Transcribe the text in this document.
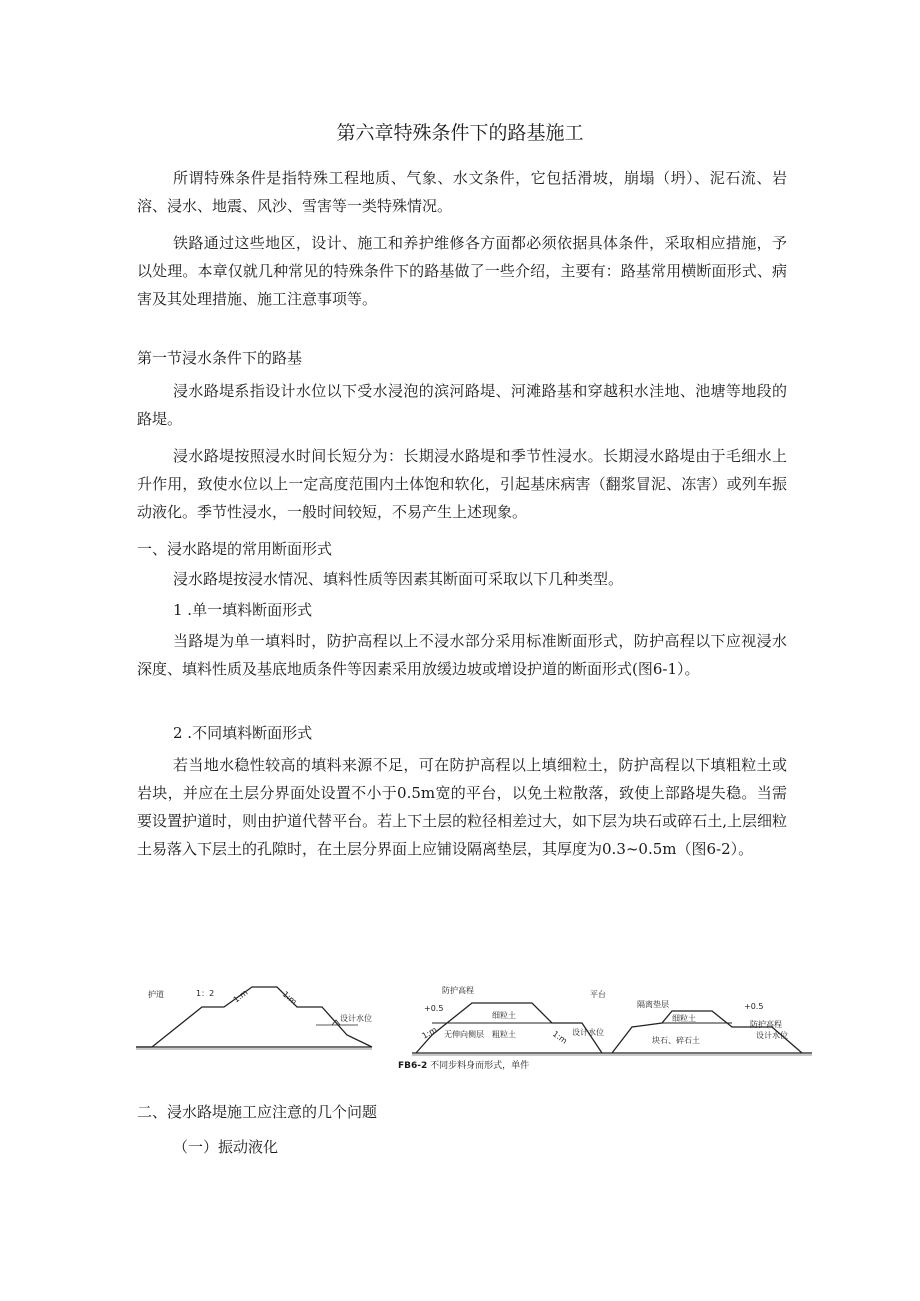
第六章特殊条件下的路基施工

所谓特殊条件是指特殊工程地质、气象、水文条件，它包括滑坡，崩塌（坍）、泥石流、岩溶、浸水、地震、风沙、雪害等一类特殊情况。

铁路通过这些地区，设计、施工和养护维修各方面都必须依据具体条件，采取相应措施，予以处理。本章仅就几种常见的特殊条件下的路基做了一些介绍，主要有：路基常用横断面形式、病害及其处理措施、施工注意事项等。

第一节浸水条件下的路基

浸水路堤系指设计水位以下受水浸泡的滨河路堤、河滩路基和穿越积水洼地、池塘等地段的路堤。

浸水路堤按照浸水时间长短分为：长期浸水路堤和季节性浸水。长期浸水路堤由于毛细水上升作用，致使水位以上一定高度范围内土体饱和软化，引起基床病害（翻浆冒泥、冻害）或列车振动液化。季节性浸水，一般时间较短，不易产生上述现象。

一、浸水路堤的常用断面形式

浸水路堤按浸水情况、填料性质等因素其断面可采取以下几种类型。

1 .单一填料断面形式

当路堤为单一填料时，防护高程以上不浸水部分采用标准断面形式，防护高程以下应视浸水深度、填料性质及基底地质条件等因素采用放缓边坡或增设护道的断面形式(图6-1）。

2 .不同填料断面形式

若当地水稳性较高的填料来源不足，可在防护高程以上填细粒土，防护高程以下填粗粒土或岩块，并应在土层分界面处设置不小于0.5m宽的平台，以免土粒散落，致使上部路堤失稳。当需要设置护道时，则由护道代替平台。若上下土层的粒径相差过大，如下层为块石或碎石土,上层细粒土易落入下层土的孔隙时，在土层分界面上应铺设隔离垫层，其厚度为0.3~0.5m（图6-2）。

护道	1：2 1:m	1:m
设计水位
防护高程
+0.5
1:m
细粒土
粗粒土
无伸向侧层	1:m
平台
设计水位
隔离垫层
细粒土
块石、碎石土
+0.5
防护高程
设计水位
FB6-2 不同步料身而形式，单件

二、浸水路堤施工应注意的几个问题

（一）振动液化
